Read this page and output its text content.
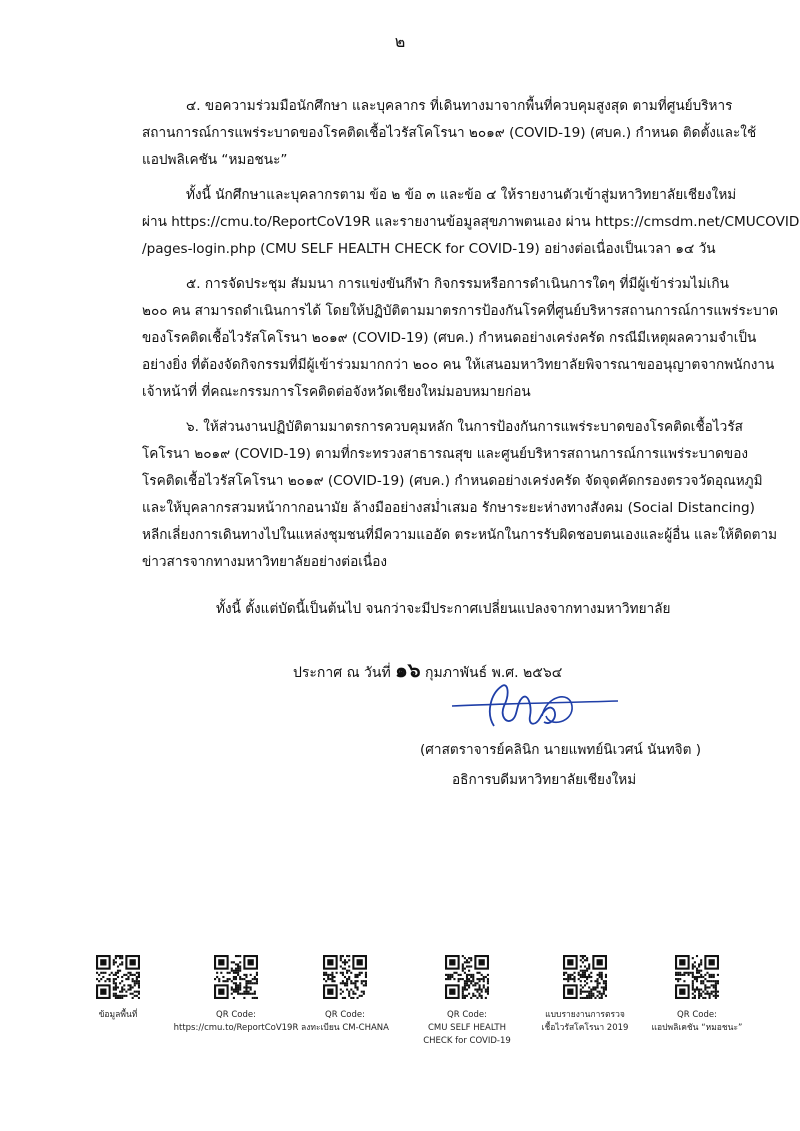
๒
๔. ขอความร่วมมือนักศึกษา และบุคลากร ที่เดินทางมาจากพื้นที่ควบคุมสูงสุด ตามที่ศูนย์บริหาร
สถานการณ์การแพร่ระบาดของโรคติดเชื้อไวรัสโคโรนา ๒๐๑๙ (COVID-19) (ศบค.) กำหนด ติดตั้งและใช้
แอปพลิเคชัน “หมอชนะ”
ทั้งนี้ นักศึกษาและบุคลากรตาม ข้อ ๒ ข้อ ๓ และข้อ ๔ ให้รายงานตัวเข้าสู่มหาวิทยาลัยเชียงใหม่
ผ่าน https://cmu.to/ReportCoV19R และรายงานข้อมูลสุขภาพตนเอง ผ่าน https://cmsdm.net/CMUCOVID
/pages-login.php (CMU SELF HEALTH CHECK for COVID-19) อย่างต่อเนื่องเป็นเวลา ๑๔ วัน
๕. การจัดประชุม สัมมนา การแข่งขันกีฬา กิจกรรมหรือการดำเนินการใดๆ ที่มีผู้เข้าร่วมไม่เกิน
๒๐๐ คน สามารถดำเนินการได้ โดยให้ปฏิบัติตามมาตรการป้องกันโรคที่ศูนย์บริหารสถานการณ์การแพร่ระบาด
ของโรคติดเชื้อไวรัสโคโรนา ๒๐๑๙ (COVID-19) (ศบค.) กำหนดอย่างเคร่งครัด กรณีมีเหตุผลความจำเป็น
อย่างยิ่ง ที่ต้องจัดกิจกรรมที่มีผู้เข้าร่วมมากกว่า ๒๐๐ คน ให้เสนอมหาวิทยาลัยพิจารณาขออนุญาตจากพนักงาน
เจ้าหน้าที่ ที่คณะกรรมการโรคติดต่อจังหวัดเชียงใหม่มอบหมายก่อน
๖. ให้ส่วนงานปฏิบัติตามมาตรการควบคุมหลัก ในการป้องกันการแพร่ระบาดของโรคติดเชื้อไวรัส
โคโรนา ๒๐๑๙ (COVID-19) ตามที่กระทรวงสาธารณสุข และศูนย์บริหารสถานการณ์การแพร่ระบาดของ
โรคติดเชื้อไวรัสโคโรนา ๒๐๑๙ (COVID-19) (ศบค.) กำหนดอย่างเคร่งครัด จัดจุดคัดกรองตรวจวัดอุณหภูมิ
และให้บุคลากรสวมหน้ากากอนามัย ล้างมืออย่างสม่ำเสมอ รักษาระยะห่างทางสังคม (Social Distancing)
หลีกเลี่ยงการเดินทางไปในแหล่งชุมชนที่มีความแออัด ตระหนักในการรับผิดชอบตนเองและผู้อื่น และให้ติดตาม
ข่าวสารจากทางมหาวิทยาลัยอย่างต่อเนื่อง
ทั้งนี้ ตั้งแต่บัดนี้เป็นต้นไป จนกว่าจะมีประกาศเปลี่ยนแปลงจากทางมหาวิทยาลัย
ประกาศ ณ วันที่ ๑๖ กุมภาพันธ์ พ.ศ. ๒๕๖๔
(ศาสตราจารย์คลินิก นายแพทย์นิเวศน์ นันทจิต )
อธิการบดีมหาวิทยาลัยเชียงใหม่
ข้อมูลพื้นที่	QR Code:
https://cmu.to/ReportCoV19R
QR Code:
ลงทะเบียน CM-CHANA
QR Code:
CMU SELF HEALTH
CHECK for COVID-19
แบบรายงานการตรวจ
เชื้อไวรัสโคโรนา 2019
QR Code:
แอปพลิเคชัน “หมอชนะ”
